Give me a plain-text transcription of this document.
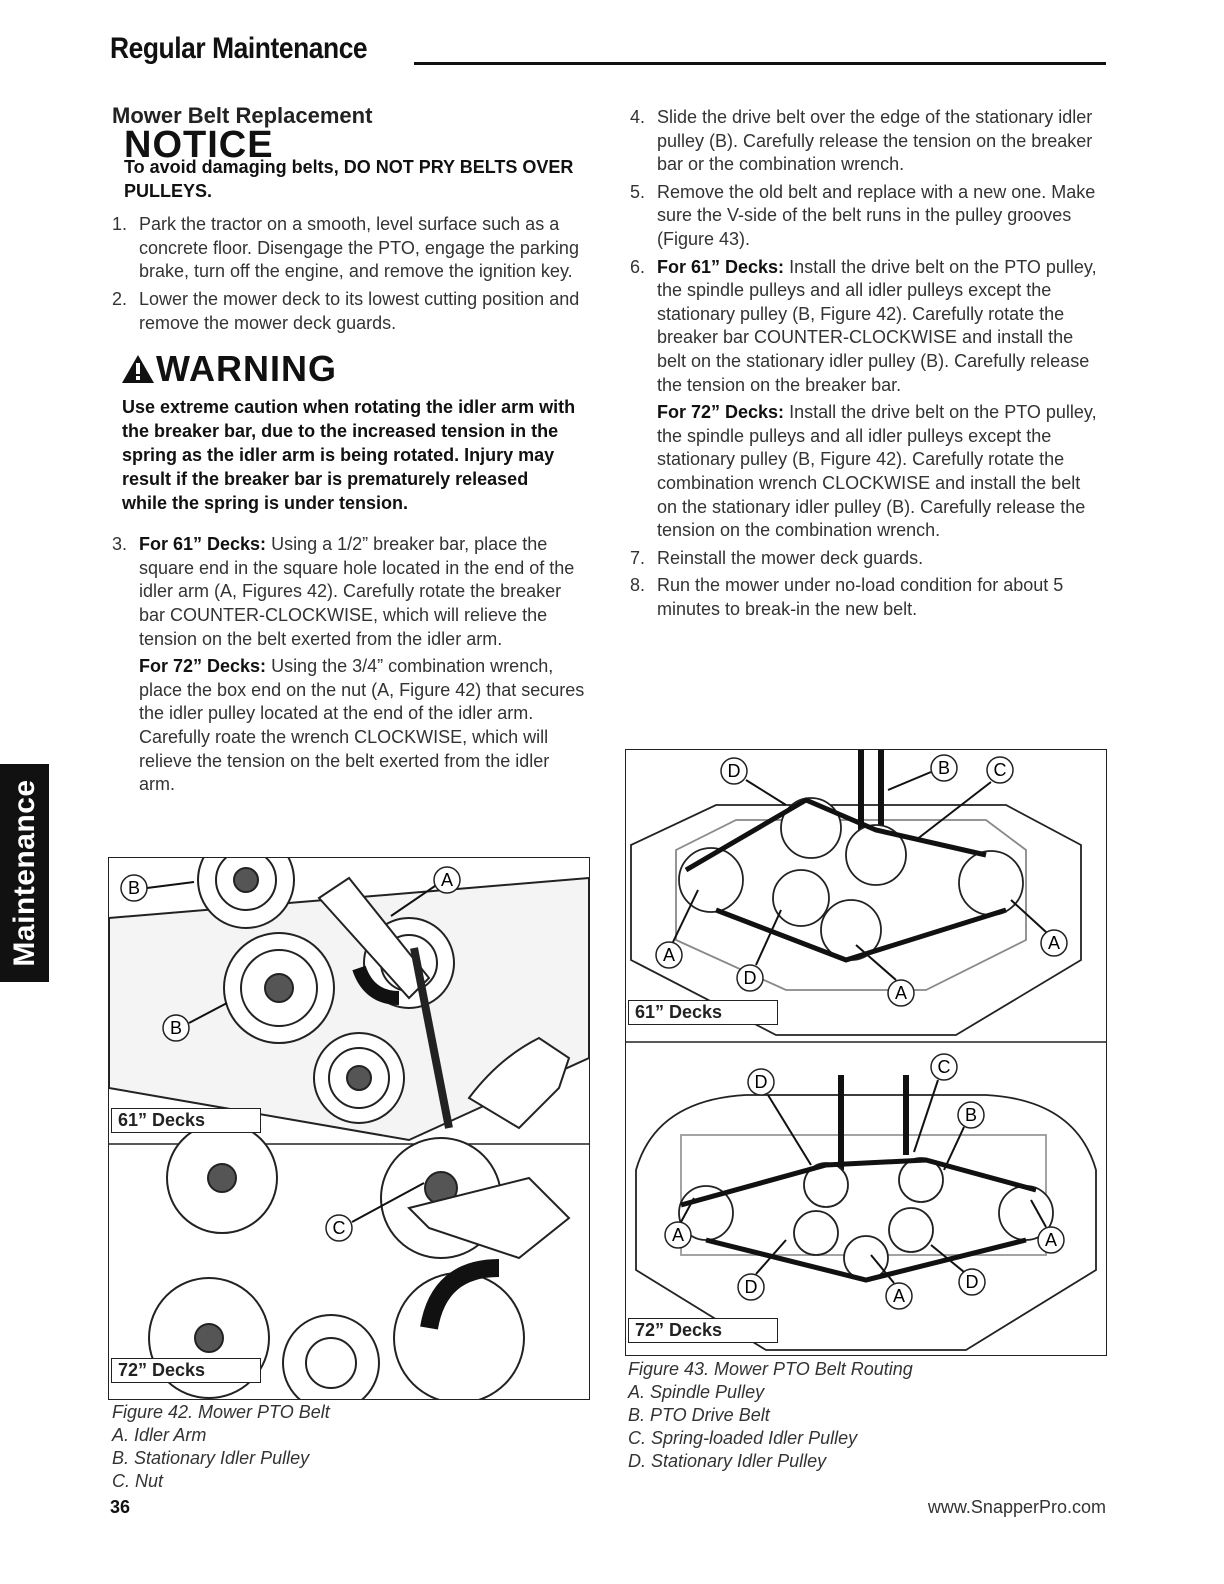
Regular Maintenance
Maintenance
Mower Belt Replacement
NOTICE
To avoid damaging belts, DO NOT PRY BELTS OVER PULLEYS.
1. Park the tractor on a smooth, level surface such as a concrete floor. Disengage the PTO, engage the parking brake, turn off the engine, and remove the ignition key.
2. Lower the mower deck to its lowest cutting position and remove the mower deck guards.
WARNING
Use extreme caution when rotating the idler arm with the breaker bar, due to the increased tension in the spring as the idler arm is being rotated. Injury may result if the breaker bar is prematurely released while the spring is under tension.
3. For 61” Decks: Using a 1/2” breaker bar, place the square end in the square hole located in the end of the idler arm (A, Figures 42). Carefully rotate the breaker bar COUNTER-CLOCKWISE, which will relieve the tension on the belt exerted from the idler arm.
For 72” Decks: Using the 3/4” combination wrench, place the box end on the nut (A, Figure 42) that secures the idler pulley located at the end of the idler arm. Carefully roate the wrench CLOCKWISE, which will relieve the tension on the belt exerted from the idler arm.
B	A
B
C
61” Decks
72” Decks
Figure 42. Mower PTO Belt
A. Idler Arm
B. Stationary Idler Pulley
C. Nut
4. Slide the drive belt over the edge of the stationary idler pulley (B). Carefully release the tension on the breaker bar or the combination wrench.
5. Remove the old belt and replace with a new one. Make sure the V-side of the belt runs in the pulley grooves (Figure 43).
6. For 61” Decks: Install the drive belt on the PTO pulley, the spindle pulleys and all idler pulleys except the stationary pulley (B, Figure 42). Carefully rotate the breaker bar COUNTER-CLOCKWISE and install the belt on the stationary idler pulley (B). Carefully release the tension on the breaker bar.
For 72” Decks: Install the drive belt on the PTO pulley, the spindle pulleys and all idler pulleys except the stationary pulley (B, Figure 42). Carefully rotate the combination wrench CLOCKWISE and install the belt on the stationary idler pulley (B). Carefully release the tension on the combination wrench.
7. Reinstall the mower deck guards.
8. Run the mower under no-load condition for about 5 minutes to break-in the new belt.
D	B C
A
D
A
A
D
C
B
A	A
D	A
D
61” Decks
72” Decks
Figure 43. Mower PTO Belt Routing
A. Spindle Pulley
B. PTO Drive Belt
C. Spring-loaded Idler Pulley
D. Stationary Idler Pulley
36	www.SnapperPro.com
